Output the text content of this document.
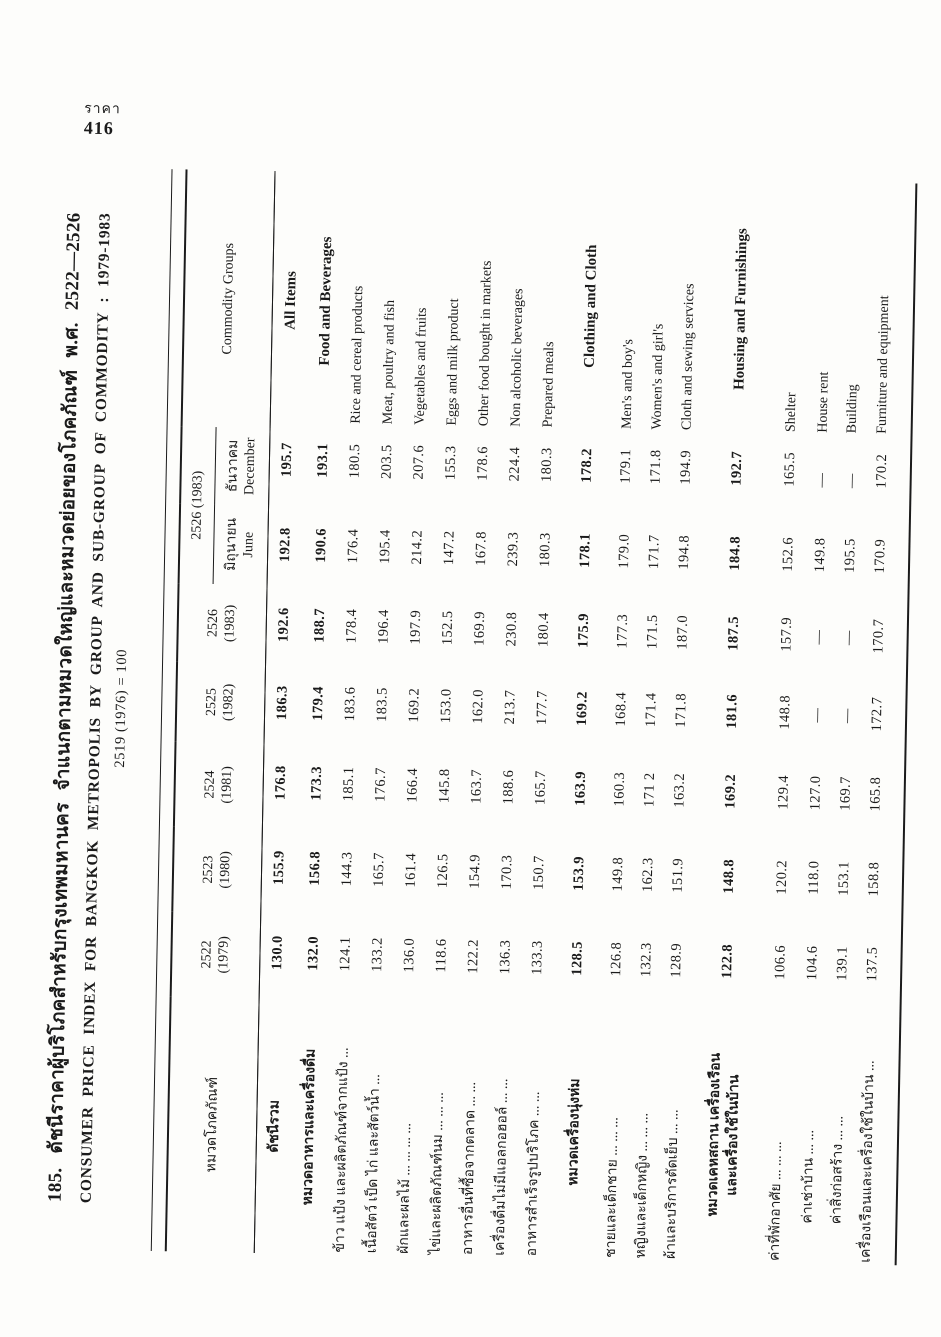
ราคา
416
185.ดัชนีราคาผู้บริโภคสำหรับกรุงเทพมหานคร จำแนกตามหมวดใหญ่และหมวดย่อยของโภคภัณฑ์ พ.ศ. 2522—2526
CONSUMER PRICE INDEX FOR BANGKOK METROPOLIS BY GROUP AND SUB-GROUP OF COMMODITY : 1979-1983
2519 (1976) = 100
หมวดโภคภัณฑ์	2522 (1979)	2523 (1980)	2524 (1981)	2525 (1982)	2526 (1983)	2526 (1983)		Commodity Groups
						มิถุนายน June	ธันวาคม
December	
ดัชนีรวม	130.0	155.9	176.8	186.3	192.6	192.8	195.7	All Items
หมวดอาหารและเครื่องดื่ม	132.0	156.8	173.3	179.4	188.7	190.6	193.1	Food and Beverages
ข้าว แป้ง และผลิตภัณฑ์จากแป้ง ...	124.1	144.3	185.1	183.6	178.4	176.4	180.5	Rice and cereal products
เนื้อสัตว์ เป็ด ไก่ และสัตว์น้ำ ...	133.2	165.7	176.7	183.5	196.4	195.4	203.5	Meat, poultry and fish
ผักและผลไม้ ... ... ... ...	136.0	161.4	166.4	169.2	197.9	214.2	207.6	Vegetables and fruits
ไข่และผลิตภัณฑ์นม ... ... ...	118.6	126.5	145.8	153.0	152.5	147.2	155.3	Eggs and milk product
อาหารอื่นที่ซื้อจากตลาด ... ...	122.2	154.9	163.7	162.0	169.9	167.8	178.6	Other food bought in markets
เครื่องดื่มไม่มีแอลกอฮอล์ ... ...	136.3	170.3	188.6	213.7	230.8	239.3	224.4	Non alcoholic beverages
อาหารสำเร็จรูปบริโภค ... ...	133.3	150.7	165.7	177.7	180.4	180.3	180.3	Prepared meals
หมวดเครื่องนุ่งห่ม	128.5	153.9	163.9	169.2	175.9	178.1	178.2	Clothing and Cloth
ชายและเด็กชาย ... ... ...	126.8	149.8	160.3	168.4	177.3	179.0	179.1	Men's and boy's
หญิงและเด็กหญิง ... ... ...	132.3	162.3	171 2	171.4	171.5	171.7	171.8	Women's and girl's
ผ้าและบริการตัดเย็บ ... ...	128.9	151.9	163.2	171.8	187.0	194.8	194.9	Cloth and sewing services

หมวดเคหสถาน เครื่องเรือน และเครื่องใช้ในบ้าน	122.8	148.8	169.2	181.6	187.5	184.8	192.7	Housing and Furnishings
ค่าที่พักอาศัย ... ... ...	106.6	120.2	129.4	148.8	157.9	152.6	165.5	Shelter
ค่าเช่าบ้าน ... ...	104.6	118.0	127.0	—	—	149.8	—	House rent
ค่าสิ่งก่อสร้าง ... ...	139.1	153.1	169.7	—	—	195.5	—	Building
เครื่องเรือนและเครื่องใช้ในบ้าน ...	137.5	158.8	165.8	172.7	170.7	170.9	170.2	Furniture and equipment
